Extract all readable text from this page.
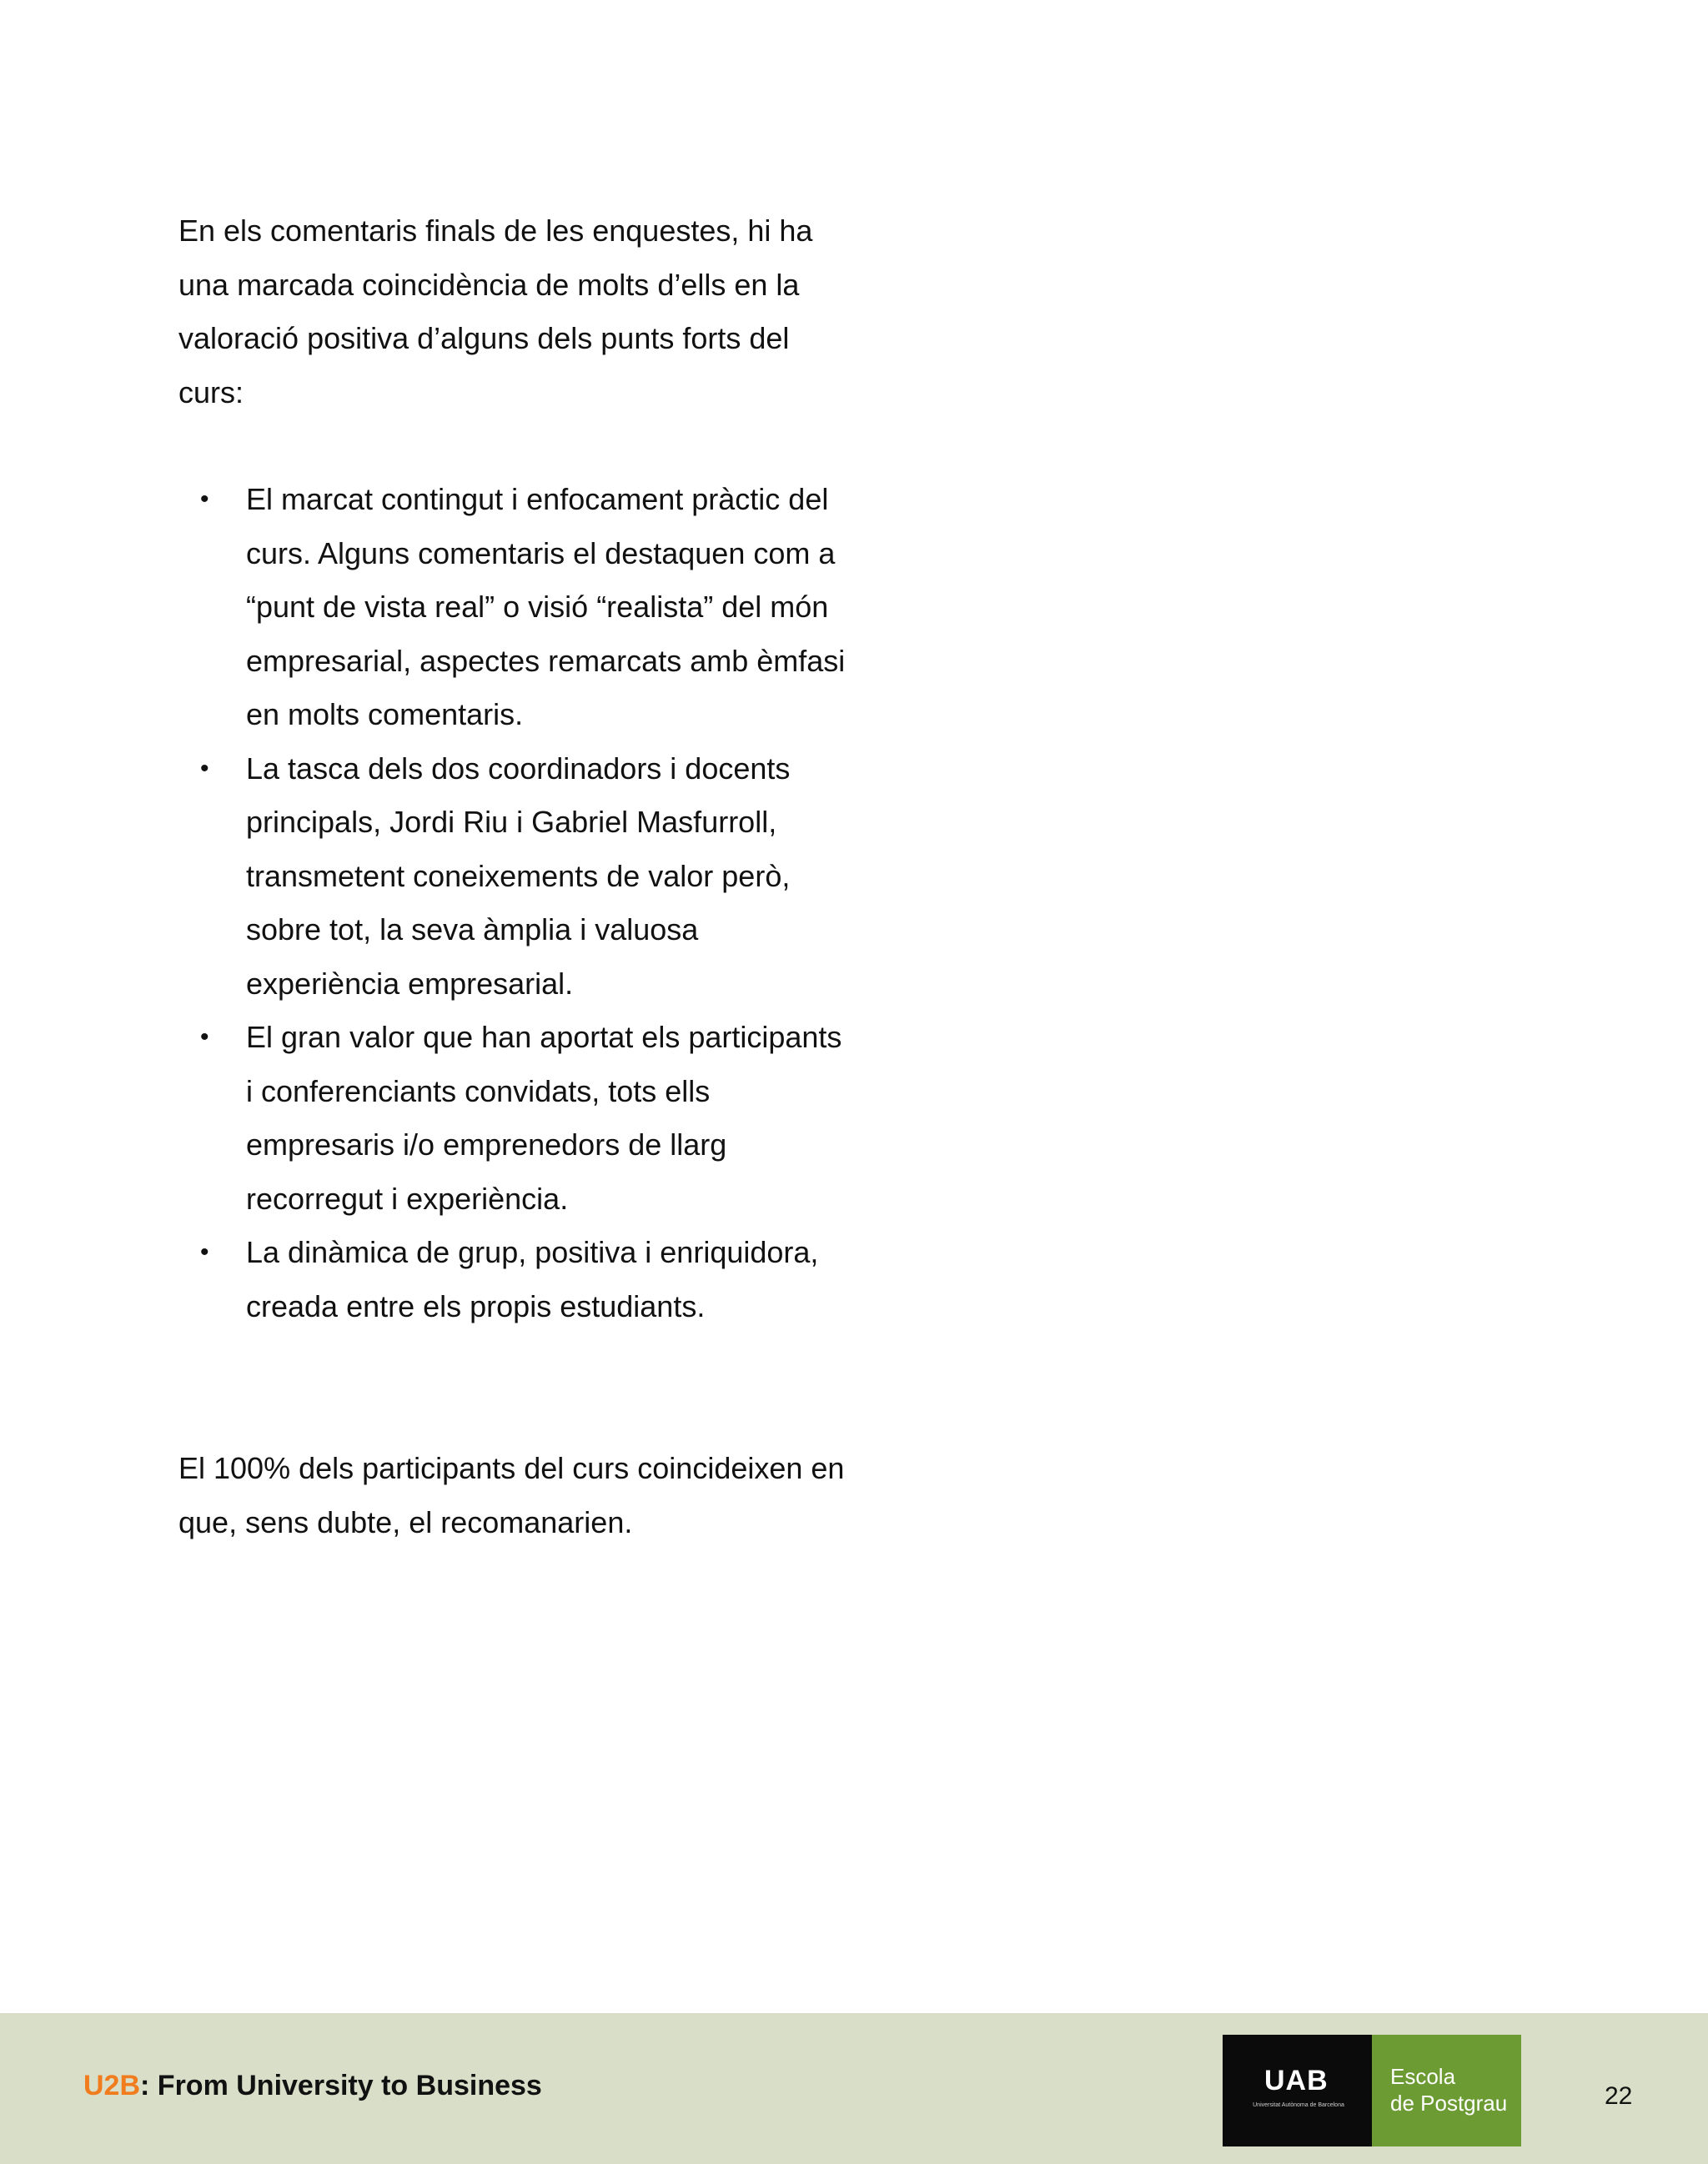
En els comentaris finals de les enquestes, hi ha una marcada coincidència de molts d’ells en la valoració positiva d’alguns dels punts forts del curs:

• El marcat contingut i enfocament pràctic del curs. Alguns comentaris el destaquen com a “punt de vista real” o visió “realista” del món empresarial, aspectes remarcats amb èmfasi en molts comentaris.
• La tasca dels dos coordinadors i docents principals, Jordi Riu i Gabriel Masfurroll, transmetent coneixements de valor però, sobre tot, la seva àmplia i valuosa experiència empresarial.
• El gran valor que han aportat els participants i conferenciants convidats, tots ells empresaris i/o emprenedors de llarg recorregut i experiència.
• La dinàmica de grup, positiva i enriquidora, creada entre els propis estudiants.

El 100% dels participants del curs coincideixen en que, sens dubte, el recomanarien.

U2B: From University to Business	UAB
Universitat Autònoma de Barcelona
Escola
de Postgrau	22
